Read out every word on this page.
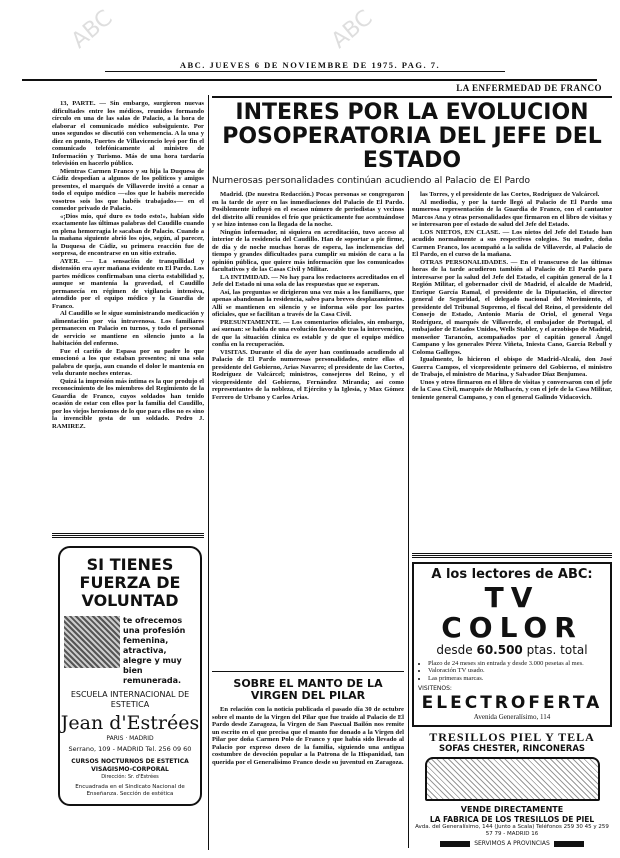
ABC	ABC
ABC. JUEVES 6 DE NOVIEMBRE DE 1975. PAG. 7.
LA ENFERMEDAD DE FRANCO

13, PARTE. — Sin embargo, surgieron nuevas dificultades entre los médicos, reunidos formando círculo en una de las salas de Palacio, a la hora de elaborar el comunicado médico subsiguiente. Por unos segundos se discutió con vehemencia. A la una y diez en punto, Fuertes de Villavicencio leyó por fin el comunicado telefónicamente al ministro de Información y Turismo. Más de una hora tardaría televisión en hacerlo público.

Mientras Carmen Franco y su hija la Duquesa de Cádiz despedían a algunos de los políticos y amigos presentes, el marqués de Villaverde invitó a cenar a todo el equipo médico —«los que le habéis merecido vosotros sois los que habéis trabajado»— en el comedor privado de Palacio.

«¡Dios mío, qué duro es todo esto!», habían sido exactamente las últimas palabras del Caudillo cuando en plena hemorragia le sacaban de Palacio. Cuando a la mañana siguiente abrió los ojos, según, al parecer, la Duquesa de Cádiz, su primera reacción fue de sorpresa, de encontrarse en un sitio extraño.

AYER. — La sensación de tranquilidad y distensión era ayer mañana evidente en El Pardo. Los partes médicos confirmaban una cierta estabilidad y, aunque se mantenía la gravedad, el Caudillo permanecía en régimen de vigilancia intensiva, atendido por el equipo médico y la Guardia de Franco.

Al Caudillo se le sigue suministrando medicación y alimentación por vía intravenosa. Los familiares permanecen en Palacio en turnos, y todo el personal de servicio se mantiene en silencio junto a la habitación del enfermo.

Fue el cariño de Espasa por su padre lo que emocionó a los que estaban presentes; ni una sola palabra de queja, aun cuando el dolor le mantenía en vela durante noches enteras.

Quizá la impresión más íntima es la que produjo el reconocimiento de los miembros del Regimiento de la Guardia de Franco, cuyos soldados han tenido ocasión de estar con ellos por la familia del Caudillo, por los viejos heroísmos de lo que para ellos no es sino la invencible gesta de un soldado. Pedro J. RAMIREZ.

SI TIENES FUERZA DE VOLUNTAD
te ofrecemos una profesión femenina, atractiva, alegre y muy bien remunerada.
ESCUELA INTERNACIONAL DE ESTETICA
Jean d'Estrées
PARIS · MADRID
Serrano, 109 - MADRID Tel. 256 09 60
CURSOS NOCTURNOS DE ESTETICA
VISAGISMO-CORPORAL
Dirección: Sr. d'Estrées
Encuadrada en el Sindicato Nacional de Enseñanza. Sección de estética
INTERES POR LA EVOLUCION POSOPERATORIA DEL JEFE DEL ESTADO
Numerosas personalidades continúan acudiendo al Palacio de El Pardo

Madrid. (De nuestra Redacción.) Pocas personas se congregaron en la tarde de ayer en las inmediaciones del Palacio de El Pardo. Posiblemente influyó en el escaso número de periodistas y vecinos del distrito allí reunidos el frío que prácticamente fue acentuándose y se hizo intenso con la llegada de la noche.

Ningún informador, ni siquiera en acreditación, tuvo acceso al interior de la residencia del Caudillo. Han de soportar a pie firme, de día y de noche muchas horas de espera, las inclemencias del tiempo y grandes dificultades para cumplir su misión de cara a la opinión pública, que quiere más información que los comunicados facultativos y de las Casas Civil y Militar.

LA INTIMIDAD. — No hay para los redactores acreditados en el Jefe del Estado ni una sola de las respuestas que se esperan.

Así, las preguntas se dirigieron una vez más a los familiares, que apenas abandonan la residencia, salvo para breves desplazamientos. Allí se mantienen en silencio y se informa sólo por los partes oficiales, que se facilitan a través de la Casa Civil.

PRESUNTAMENTE. — Los comentarios oficiales, sin embargo, así suenan: se habla de una evolución favorable tras la intervención, de que la situación clínica es estable y de que el equipo médico confía en la recuperación.

VISITAS. Durante el día de ayer han continuado acudiendo al Palacio de El Pardo numerosas personalidades, entre ellas el presidente del Gobierno, Arias Navarro; el presidente de las Cortes, Rodríguez de Valcárcel; ministros, consejeros del Reino, y el vicepresidente del Gobierno, Fernández Miranda; así como representantes de la nobleza, el Ejército y la Iglesia, y Max Gómez Ferrero de Urbano y Carlos Arias.

SOBRE EL MANTO DE LA VIRGEN DEL PILAR

En relación con la noticia publicada el pasado día 30 de octubre sobre el manto de la Virgen del Pilar que fue traído al Palacio de El Pardo desde Zaragoza, la Virgen de San Pascual Bailón nos remite un escrito en el que precisa que el manto fue donado a la Virgen del Pilar por doña Carmen Polo de Franco y que había sido llevado al Palacio por expreso deseo de la familia, siguiendo una antigua costumbre de devoción popular a la Patrona de la Hispanidad, tan querida por el Generalísimo Franco desde su juventud en Zaragoza.

las Torres, y el presidente de las Cortes, Rodríguez de Valcárcel.

Al mediodía, y por la tarde llegó al Palacio de El Pardo una numerosa representación de la Guardia de Franco, con el cantautor Marcos Ana y otras personalidades que firmaron en el libro de visitas y se interesaron por el estado de salud del Jefe del Estado.

LOS NIETOS, EN CLASE. — Los nietos del Jefe del Estado han acudido normalmente a sus respectivos colegios. Su madre, doña Carmen Franco, los acompañó a la salida de Villaverde, al Palacio de El Pardo, en el curso de la mañana.

OTRAS PERSONALIDADES. — En el transcurso de las últimas horas de la tarde acudieron también al Palacio de El Pardo para interesarse por la salud del Jefe del Estado, el capitán general de la I Región Militar, el gobernador civil de Madrid, el alcalde de Madrid, Enrique García Ramal, el presidente de la Diputación, el director general de Seguridad, el delegado nacional del Movimiento, el presidente del Tribunal Supremo, el fiscal del Reino, el presidente del Consejo de Estado, Antonio María de Oriol, el general Vega Rodríguez, el marqués de Villaverde, el embajador de Portugal, el embajador de Estados Unidos, Wells Stabler, y el arzobispo de Madrid, monseñor Tarancón, acompañados por el capitán general Ángel Campano y los generales Pérez Viñeta, Iniesta Cano, García Rebull y Coloma Gallegos.

Igualmente, lo hicieron el obispo de Madrid-Alcalá, don José Guerra Campos, el vicepresidente primero del Gobierno, el ministro de Trabajo, el ministro de Marina, y Salvador Díaz Benjumea.

Unos y otros firmaron en el libro de visitas y conversaron con el jefe de la Casa Civil, marqués de Mulhacén, y con el jefe de la Casa Militar, teniente general Campano, y con el general Galindo Vidacovich.

A los lectores de ABC:
TV COLOR
desde 60.500 ptas. total
• Plazo de 24 meses sin entrada y desde 3.000 pesetas al mes.
• Valoración TV usado.
• Las primeras marcas.
VISITENOS:
ELECTROFERTA
Avenida Generalísimo, 114
TRESILLOS PIEL Y TELA
SOFAS CHESTER, RINCONERAS
VENDE DIRECTAMENTE
LA FABRICA DE LOS TRESILLOS DE PIEL
Avda. del Generalísimo, 144 (Junto a Scala) Teléfonos 259 30 45 y 259 57 79 - MADRID 16
SERVIMOS A PROVINCIAS
